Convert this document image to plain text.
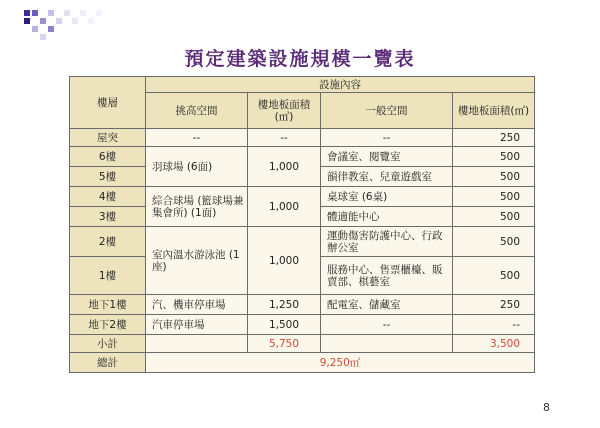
預定建築設施規模一覽表
樓層	設施內容			
	挑高空間	樓地板面積(㎡)	一般空間	樓地板面積(㎡)
屋突	--	--	--	250
6樓	羽球場 (6面)	1,000	會議室、閱覽室	500
5樓			韻律教室、兒童遊戲室	500
4樓	綜合球場 (籃球場兼集會所) (1面)	1,000	桌球室 (6桌)	500
3樓			體適能中心	500
2樓	室內溫水游泳池 (1座)	1,000	運動傷害防護中心、行政辦公室	500
1樓			服務中心、售票櫃檯、販賣部、棋藝室	500
地下1樓	汽、機車停車場	1,250	配電室、儲藏室	250
地下2樓	汽車停車場	1,500	--	--
小計		5,750		3,500
總計	9,250㎡			
8
